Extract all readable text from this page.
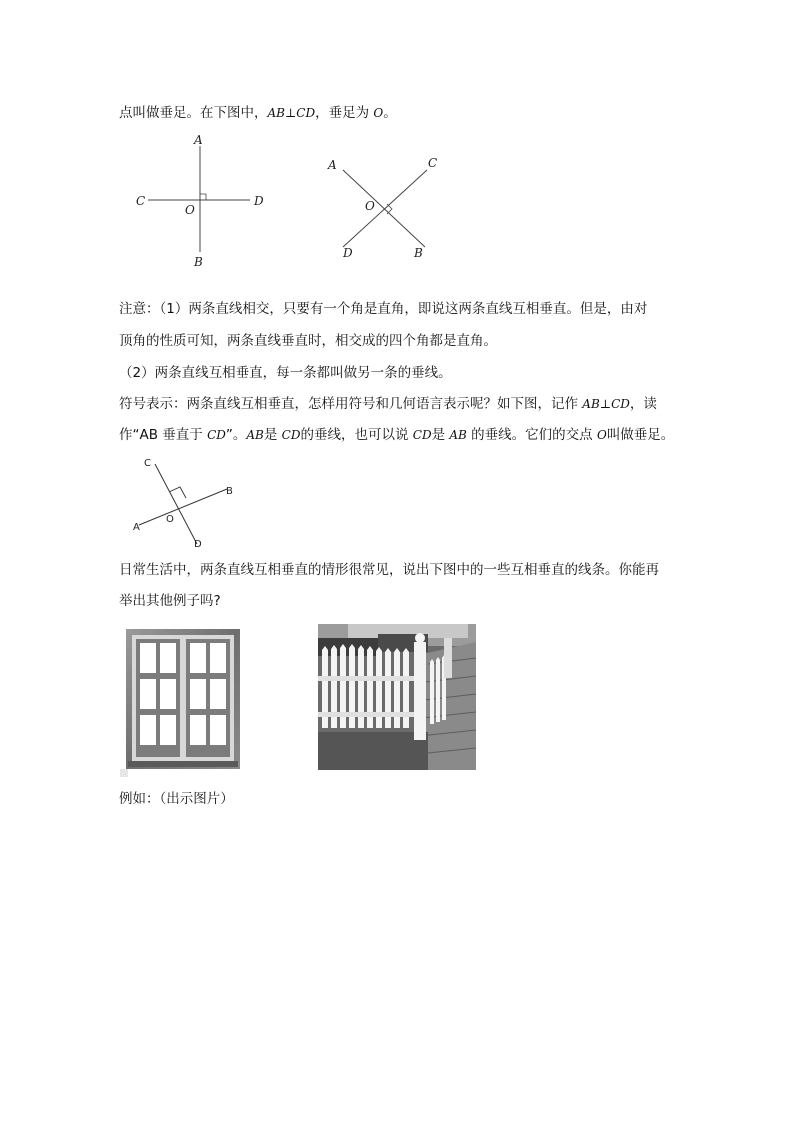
点叫做垂足。在下图中，AB⊥CD，垂足为 O。
A
B
C	D
O
A	C
O
D	B
注意：（1）两条直线相交，只要有一个角是直角，即说这两条直线互相垂直。但是，由对
顶角的性质可知，两条直线垂直时，相交成的四个角都是直角。
（2）两条直线互相垂直，每一条都叫做另一条的垂线。
符号表示：两条直线互相垂直，怎样用符号和几何语言表示呢？如下图，记作 AB⊥CD，读
作“AB 垂直于 CD”。AB是 CD的垂线，也可以说 CD是 AB 的垂线。它们的交点 O叫做垂足。
C
B
O
A
D
日常生活中，两条直线互相垂直的情形很常见，说出下图中的一些互相垂直的线条。你能再
举出其他例子吗?
例如：（出示图片）
